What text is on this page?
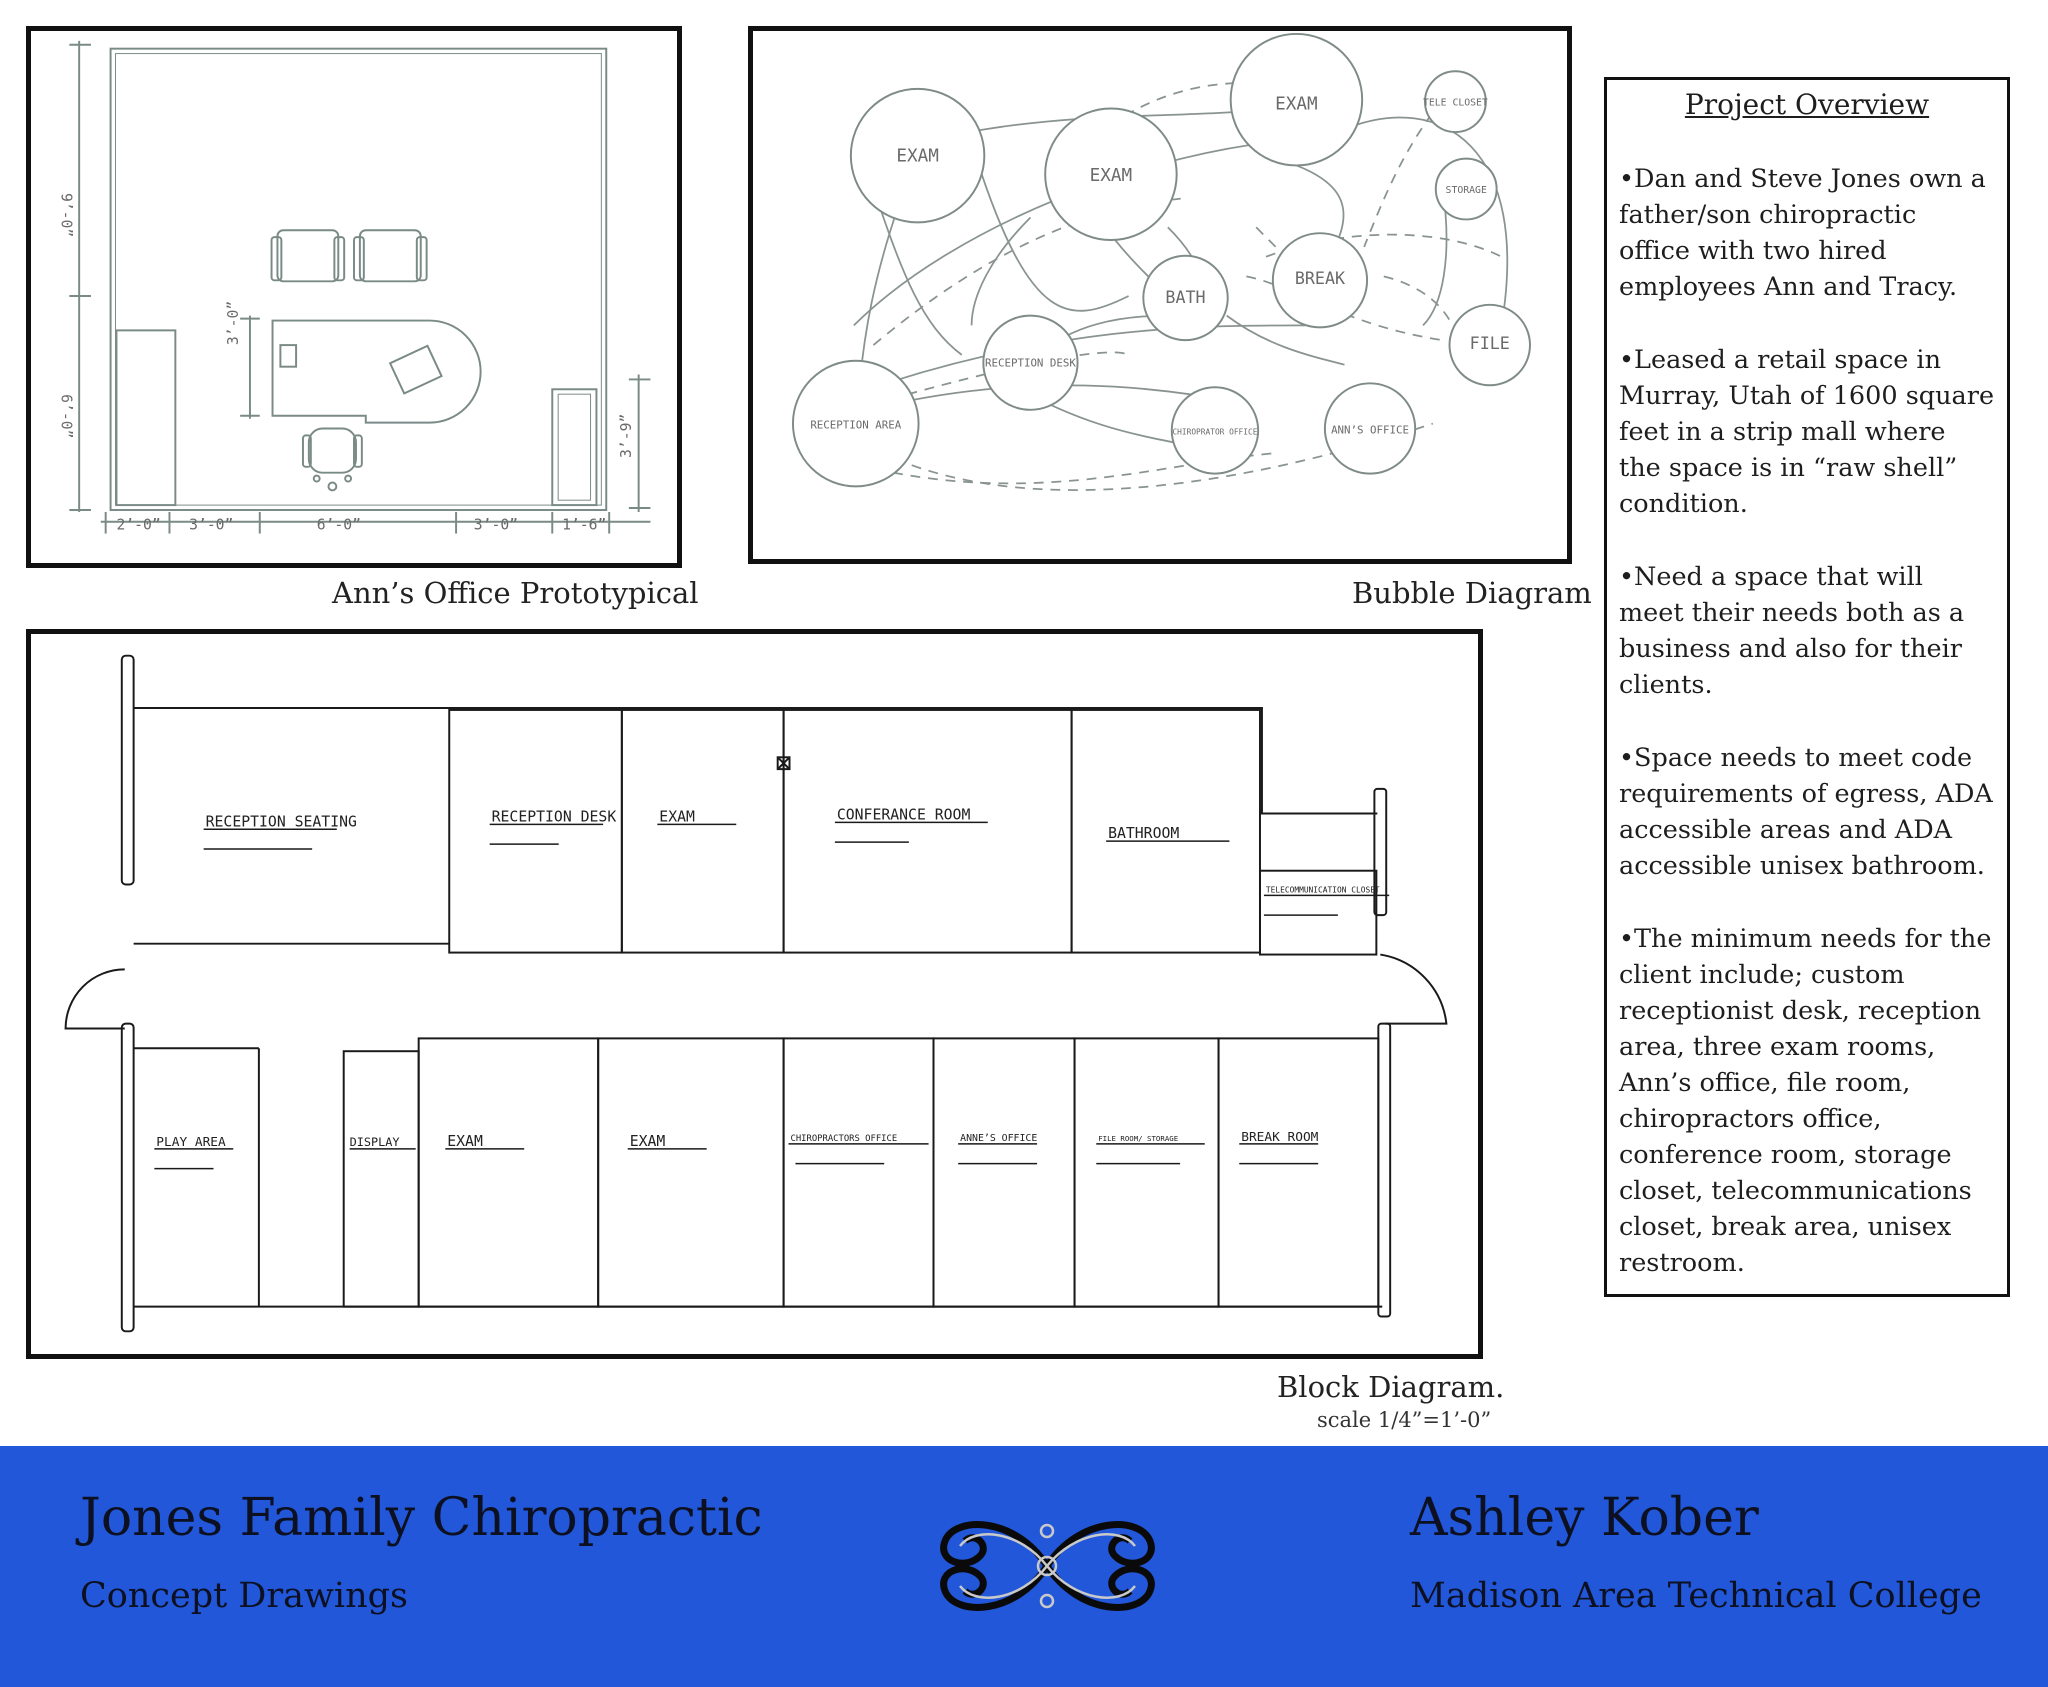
9’-0”
6’-0”
3’-0”
3’-9”
2’-0” 3’-0”	6’-0”	3’-0”	1’-6”
Ann’s Office Prototypical
EXAM
EXAM
EXAM	TELE CLOSET
STORAGE
BATH
BREAK
FILE
RECEPTION DESK
RECEPTION AREA
CHIROPRATOR OFFICE	ANN’S OFFICE
Bubble Diagram
Project Overview

•Dan and Steve Jones own a father/son chiropractic office with two hired employees Ann and Tracy.

•Leased a retail space in Murray, Utah of 1600 square feet in a strip mall where the space is in “raw shell” condition.

•Need a space that will meet their needs both as a business and also for their clients.

•Space needs to meet code requirements of egress, ADA accessible areas and ADA accessible unisex bathroom.

•The minimum needs for the client include; custom receptionist desk, reception area, three exam rooms, Ann’s office, file room, chiropractors office, conference room, storage closet, telecommunications closet, break area, unisex restroom.

RECEPTION SEATING	RECEPTION DESK	EXAM	CONFERANCE ROOM
BATHROOM
TELECOMMUNICATION CLOSET
PLAY AREA	DISPLAY	EXAM	EXAM	CHIROPRACTORS OFFICE	ANNE’S OFFICE	FILE ROOM/ STORAGE	BREAK ROOM
Block Diagram.
scale 1/4”=1’-0”
Jones Family Chiropractic
Concept Drawings
Ashley Kober
Madison Area Technical College
